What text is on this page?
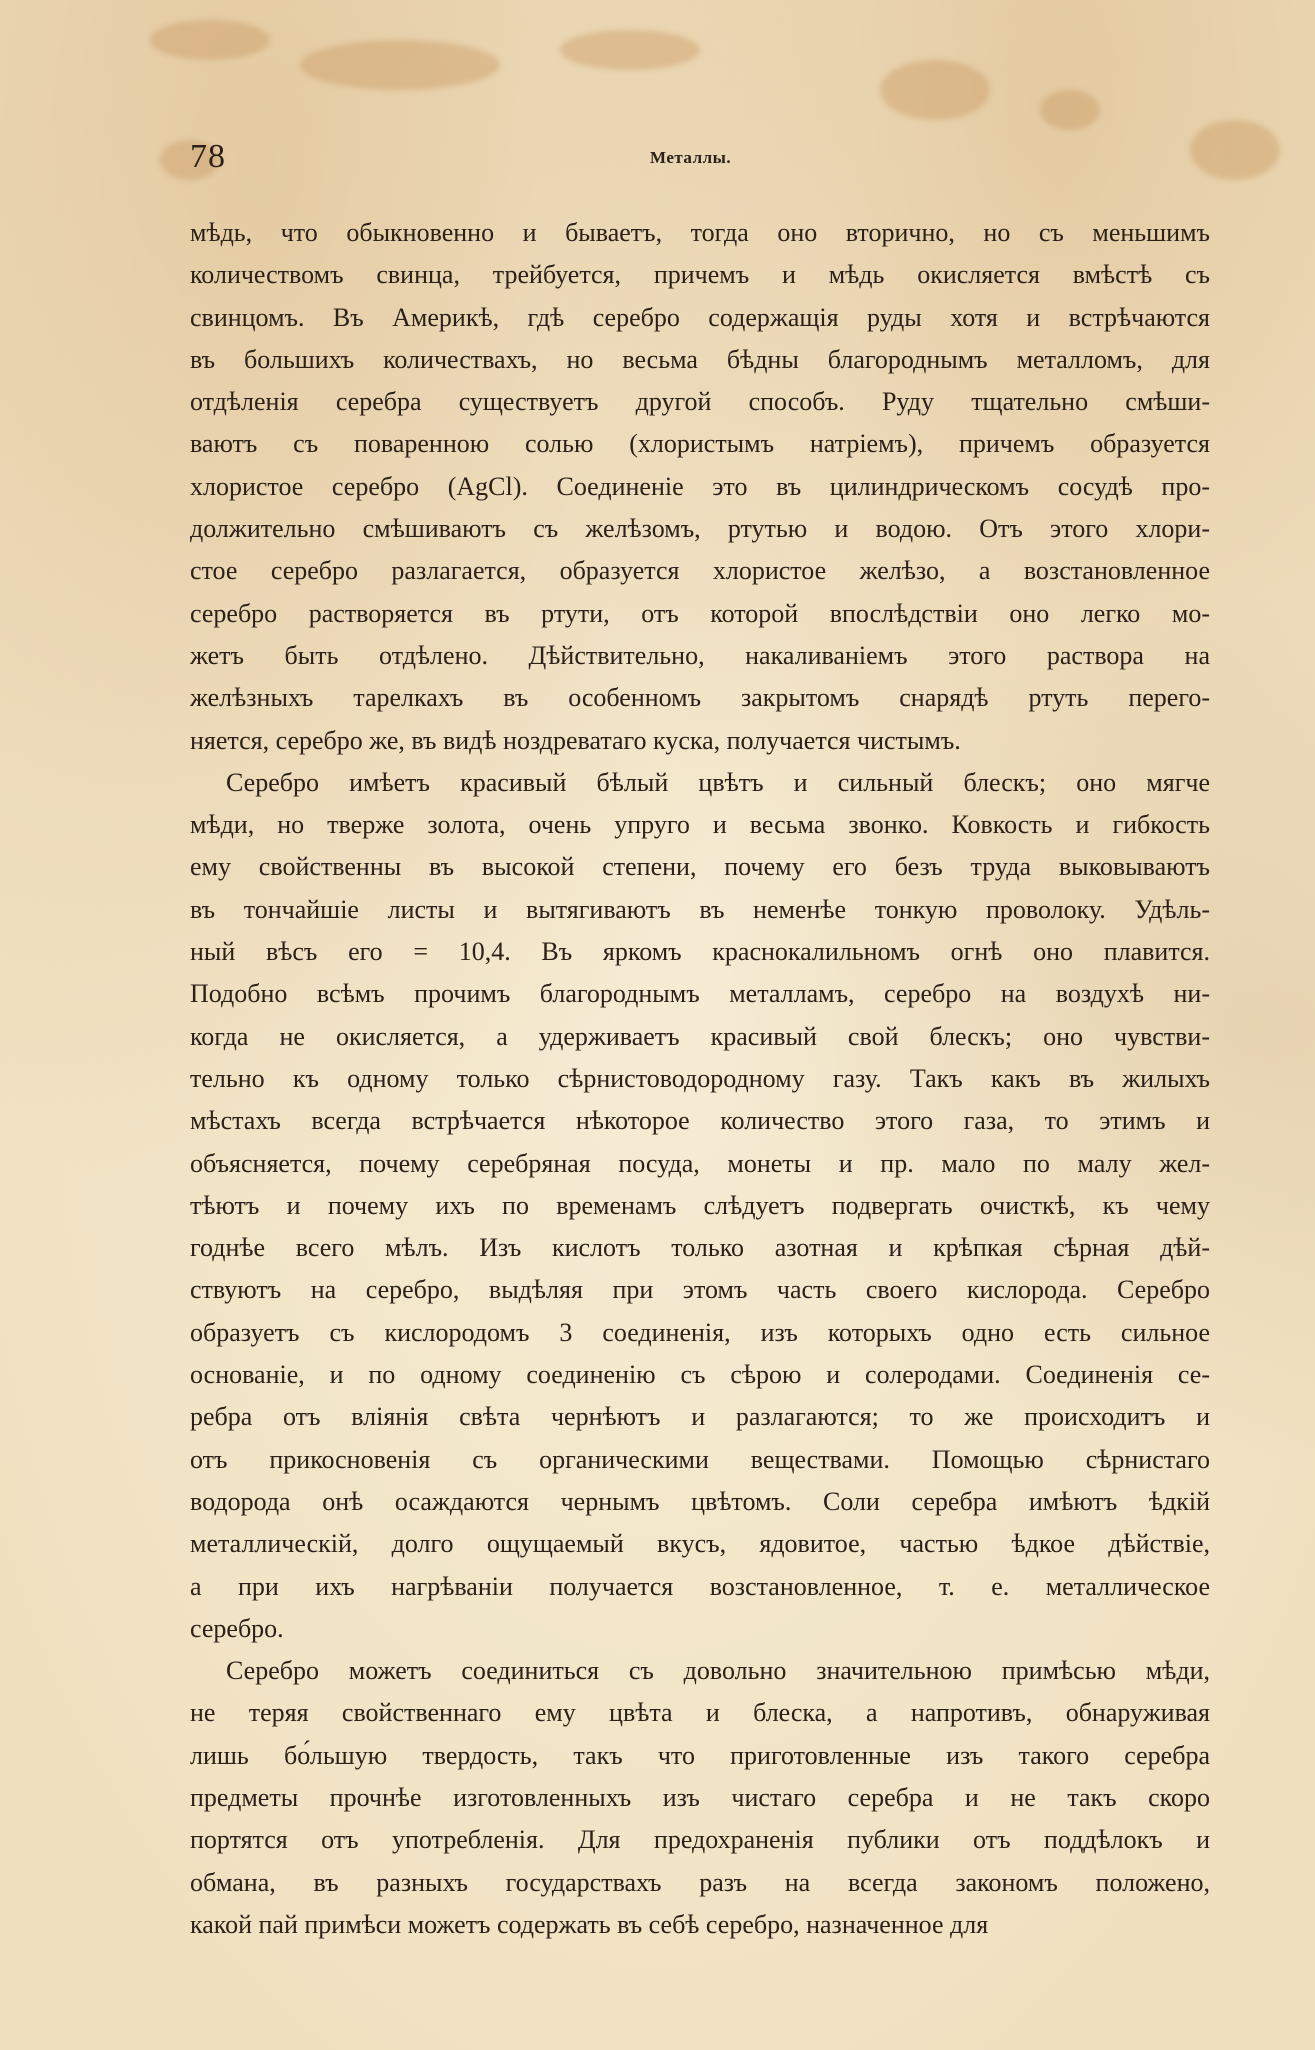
78	Металлы.
мѣдь, что обыкновенно и бываетъ, тогда оно вторично, но съ меньшимъ
количествомъ свинца, трейбуется, причемъ и мѣдь окисляется вмѣстѣ съ
свинцомъ. Въ Америкѣ, гдѣ серебро содержащія руды хотя и встрѣчаются
въ большихъ количествахъ, но весьма бѣдны благороднымъ металломъ, для
отдѣленія серебра существуетъ другой способъ. Руду тщательно смѣши-
ваютъ съ поваренною солью (хлористымъ натріемъ), причемъ образуется
хлористое серебро (AgCl). Соединеніе это въ цилиндрическомъ сосудѣ про-
должительно смѣшиваютъ съ желѣзомъ, ртутью и водою. Отъ этого хлори-
стое серебро разлагается, образуется хлористое желѣзо, а возстановленное
серебро растворяется въ ртути, отъ которой впослѣдствіи оно легко мо-
жетъ быть отдѣлено. Дѣйствительно, накаливаніемъ этого раствора на
желѣзныхъ тарелкахъ въ особенномъ закрытомъ снарядѣ ртуть перего-
няется, серебро же, въ видѣ ноздреватаго куска, получается чистымъ.
Серебро имѣетъ красивый бѣлый цвѣтъ и сильный блескъ; оно мягче
мѣди, но тверже золота, очень упруго и весьма звонко. Ковкость и гибкость
ему свойственны въ высокой степени, почему его безъ труда выковываютъ
въ тончайшіе листы и вытягиваютъ въ неменѣе тонкую проволоку. Удѣль-
ный вѣсъ его = 10,4. Въ яркомъ краснокалильномъ огнѣ оно плавится.
Подобно всѣмъ прочимъ благороднымъ металламъ, серебро на воздухѣ ни-
когда не окисляется, а удерживаетъ красивый свой блескъ; оно чувстви-
тельно къ одному только сѣрнистоводородному газу. Такъ какъ въ жилыхъ
мѣстахъ всегда встрѣчается нѣкоторое количество этого газа, то этимъ и
объясняется, почему серебряная посуда, монеты и пр. мало по малу жел-
тѣютъ и почему ихъ по временамъ слѣдуетъ подвергать очисткѣ, къ чему
годнѣе всего мѣлъ. Изъ кислотъ только азотная и крѣпкая сѣрная дѣй-
ствуютъ на серебро, выдѣляя при этомъ часть своего кислорода. Серебро
образуетъ съ кислородомъ 3 соединенія, изъ которыхъ одно есть сильное
основаніе, и по одному соединенію съ сѣрою и солеродами. Соединенія се-
ребра отъ вліянія свѣта чернѣютъ и разлагаются; то же происходитъ и
отъ прикосновенія съ органическими веществами. Помощью сѣрнистаго
водорода онѣ осаждаются чернымъ цвѣтомъ. Соли серебра имѣютъ ѣдкій
металлическій, долго ощущаемый вкусъ, ядовитое, частью ѣдкое дѣйствіе,
а при ихъ нагрѣваніи получается возстановленное, т. е. металлическое
серебро.
Серебро можетъ соединиться съ довольно значительною примѣсью мѣди,
не теряя свойственнаго ему цвѣта и блеска, а напротивъ, обнаруживая
лишь бо́льшую твердость, такъ что приготовленные изъ такого серебра
предметы прочнѣе изготовленныхъ изъ чистаго серебра и не такъ скоро
портятся отъ употребленія. Для предохраненія публики отъ поддѣлокъ и
обмана, въ разныхъ государствахъ разъ на всегда закономъ положено,
какой пай примѣси можетъ содержать въ себѣ серебро, назначенное для
